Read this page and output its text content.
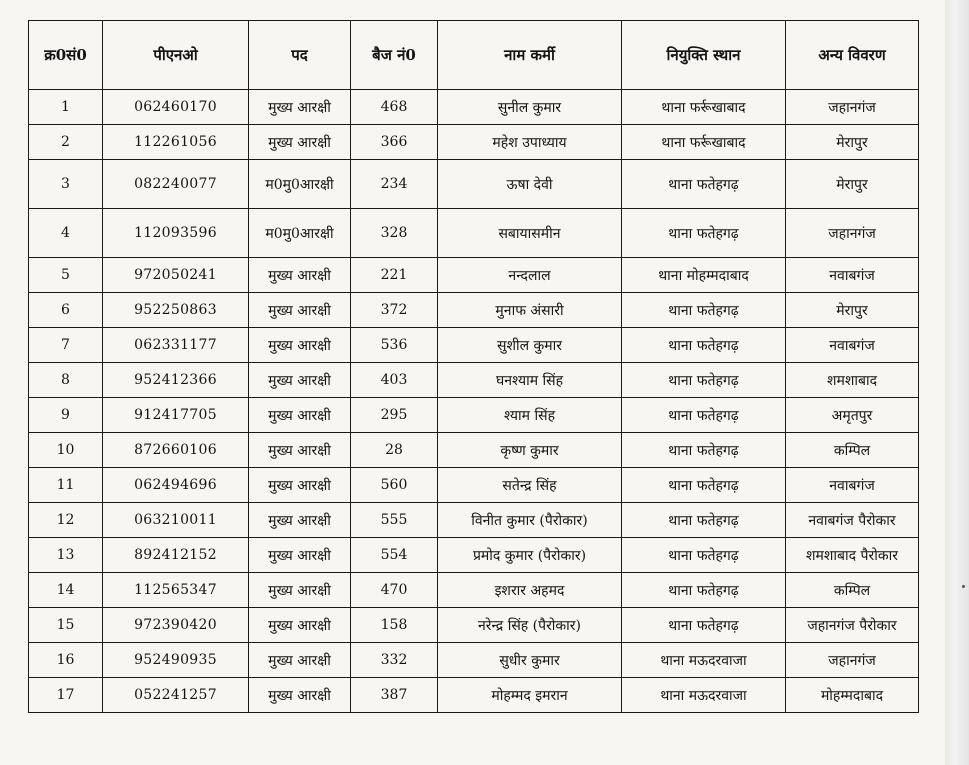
क्र0सं0	पीएनओ	पद	बैज नं0	नाम कर्मी	नियुक्ति स्थान	अन्य विवरण
1	062460170	मुख्य आरक्षी	468	सुनील कुमार	थाना फर्रूखाबाद	जहानगंज
2	112261056	मुख्य आरक्षी	366	महेश उपाध्याय	थाना फर्रूखाबाद	मेरापुर
3	082240077	म0मु0आरक्षी	234	ऊषा देवी	थाना फतेहगढ़	मेरापुर
4	112093596	म0मु0आरक्षी	328	सबायासमीन	थाना फतेहगढ़	जहानगंज
5	972050241	मुख्य आरक्षी	221	नन्दलाल	थाना मोहम्मदाबाद	नवाबगंज
6	952250863	मुख्य आरक्षी	372	मुनाफ अंसारी	थाना फतेहगढ़	मेरापुर
7	062331177	मुख्य आरक्षी	536	सुशील कुमार	थाना फतेहगढ़	नवाबगंज
8	952412366	मुख्य आरक्षी	403	घनश्याम सिंह	थाना फतेहगढ़	शमशाबाद
9	912417705	मुख्य आरक्षी	295	श्याम सिंह	थाना फतेहगढ़	अमृतपुर
10	872660106	मुख्य आरक्षी	28	कृष्ण कुमार	थाना फतेहगढ़	कम्पिल
11	062494696	मुख्य आरक्षी	560	सतेन्द्र सिंह	थाना फतेहगढ़	नवाबगंज
12	063210011	मुख्य आरक्षी	555	विनीत कुमार (पैरोकार)	थाना फतेहगढ़	नवाबगंज पैरोकार
13	892412152	मुख्य आरक्षी	554	प्रमोद कुमार (पैरोकार)	थाना फतेहगढ़	शमशाबाद पैरोकार
14	112565347	मुख्य आरक्षी	470	इशरार अहमद	थाना फतेहगढ़	कम्पिल
15	972390420	मुख्य आरक्षी	158	नरेन्द्र सिंह (पैरोकार)	थाना फतेहगढ़	जहानगंज पैरोकार
16	952490935	मुख्य आरक्षी	332	सुधीर कुमार	थाना मऊदरवाजा	जहानगंज
17	052241257	मुख्य आरक्षी	387	मोहम्मद इमरान	थाना मऊदरवाजा	मोहम्मदाबाद
